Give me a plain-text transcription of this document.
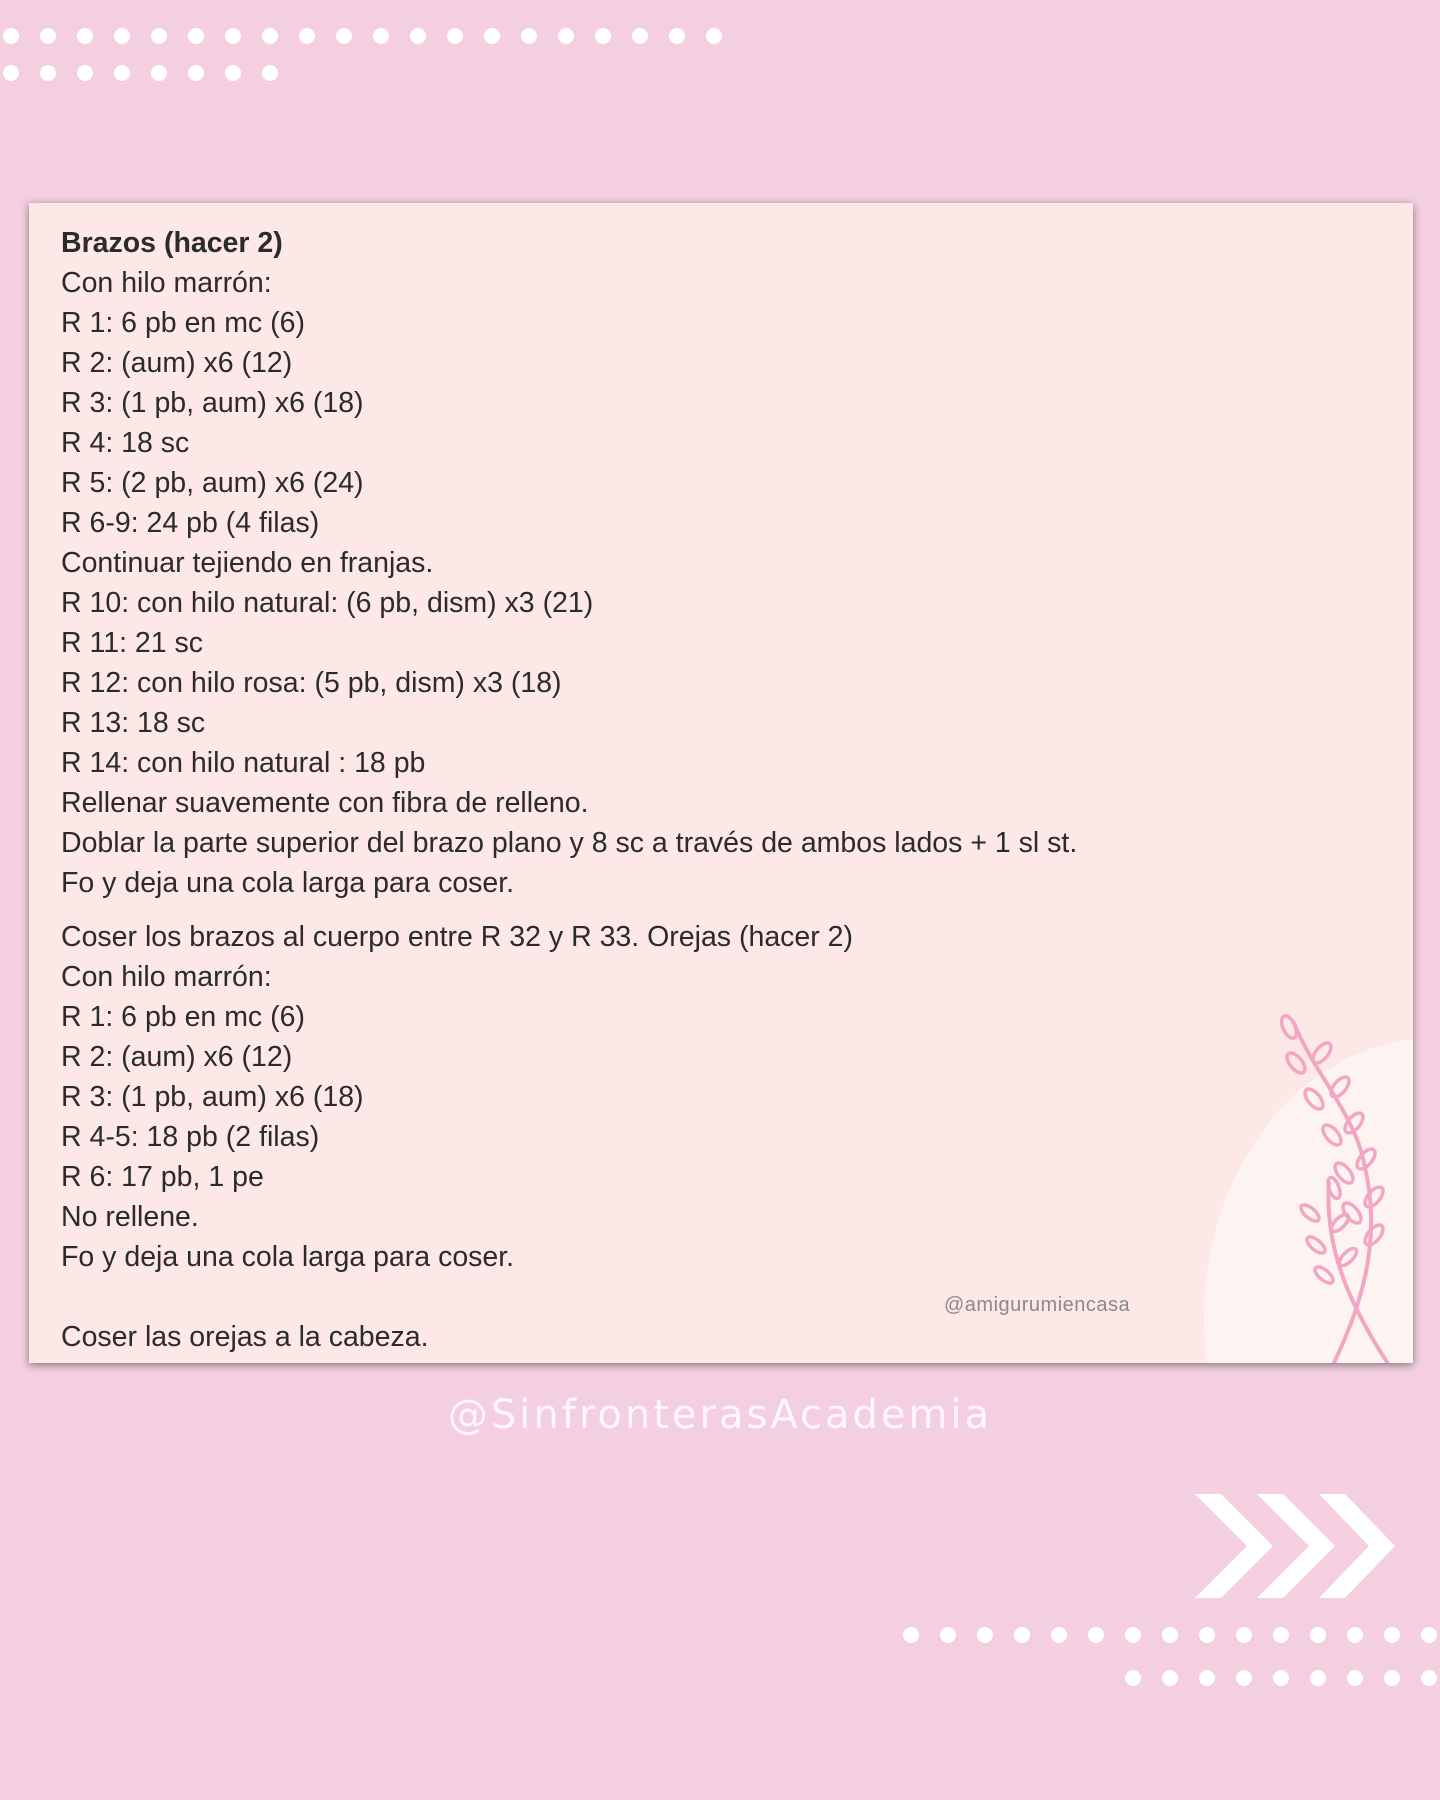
Brazos (hacer 2)
Con hilo marrón:
R 1: 6 pb en mc (6)
R 2: (aum) x6 (12)
R 3: (1 pb, aum) x6 (18)
R 4: 18 sc
R 5: (2 pb, aum) x6 (24)
R 6-9: 24 pb (4 filas)
Continuar tejiendo en franjas.
R 10: con hilo natural: (6 pb, dism) x3 (21)
R 11: 21 sc
R 12: con hilo rosa: (5 pb, dism) x3 (18)
R 13: 18 sc
R 14: con hilo natural : 18 pb
Rellenar suavemente con fibra de relleno.
Doblar la parte superior del brazo plano y 8 sc a través de ambos lados + 1 sl st.
Fo y deja una cola larga para coser.
Coser los brazos al cuerpo entre R 32 y R 33. Orejas (hacer 2)
Con hilo marrón:
R 1: 6 pb en mc (6)
R 2: (aum) x6 (12)
R 3: (1 pb, aum) x6 (18)
R 4-5: 18 pb (2 filas)
R 6: 17 pb, 1 pe
No rellene.
Fo y deja una cola larga para coser.
Coser las orejas a la cabeza.
@amigurumiencasa
@SinfronterasAcademia
